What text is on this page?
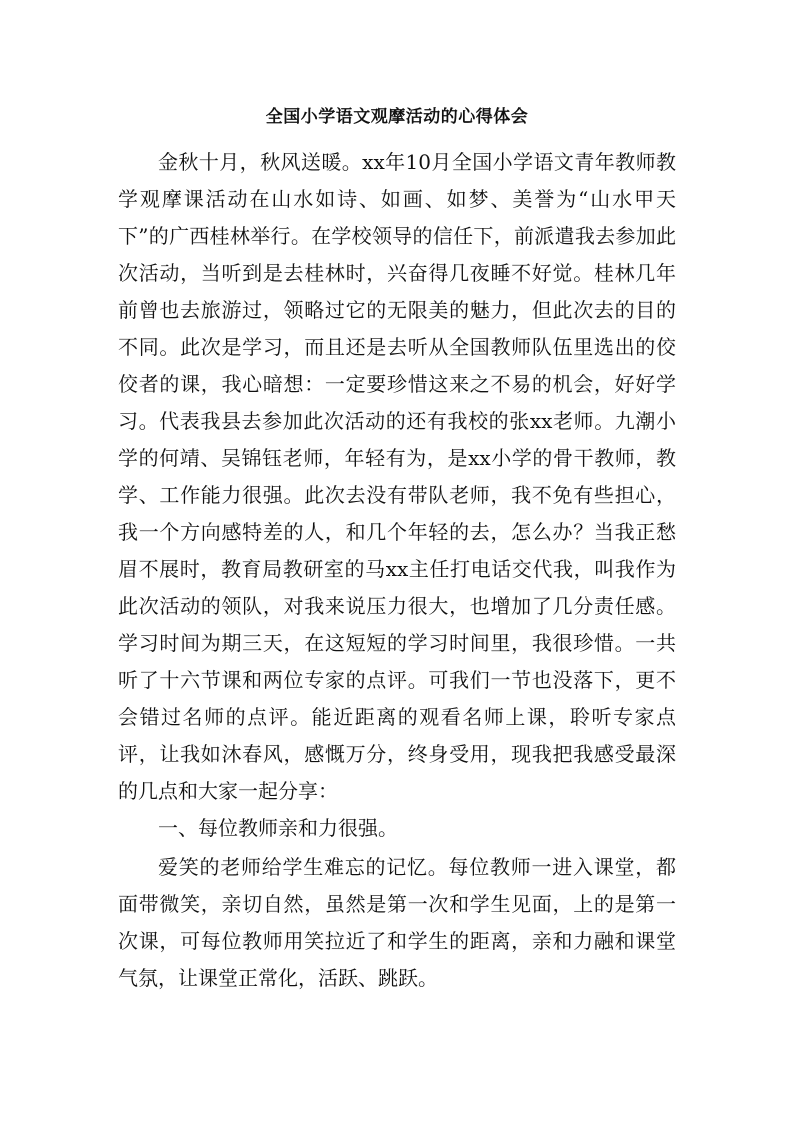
全国小学语文观摩活动的心得体会

金秋十月，秋风送暖。xx年10月全国小学语文青年教师教学观摩课活动在山水如诗、如画、如梦、美誉为“山水甲天下”的广西桂林举行。在学校领导的信任下，前派遣我去参加此次活动，当听到是去桂林时，兴奋得几夜睡不好觉。桂林几年前曾也去旅游过，领略过它的无限美的魅力，但此次去的目的不同。此次是学习，而且还是去听从全国教师队伍里选出的佼佼者的课，我心暗想：一定要珍惜这来之不易的机会，好好学习。代表我县去参加此次活动的还有我校的张xx老师。九潮小学的何靖、吴锦钰老师，年轻有为，是xx小学的骨干教师，教学、工作能力很强。此次去没有带队老师，我不免有些担心，我一个方向感特差的人，和几个年轻的去，怎么办？当我正愁眉不展时，教育局教研室的马xx主任打电话交代我，叫我作为此次活动的领队，对我来说压力很大，也增加了几分责任感。学习时间为期三天，在这短短的学习时间里，我很珍惜。一共听了十六节课和两位专家的点评。可我们一节也没落下，更不会错过名师的点评。能近距离的观看名师上课，聆听专家点评，让我如沐春风，感慨万分，终身受用，现我把我感受最深的几点和大家一起分享：

一、每位教师亲和力很强。

爱笑的老师给学生难忘的记忆。每位教师一进入课堂，都面带微笑，亲切自然，虽然是第一次和学生见面，上的是第一次课，可每位教师用笑拉近了和学生的距离，亲和力融和课堂气氛，让课堂正常化，活跃、跳跃。
